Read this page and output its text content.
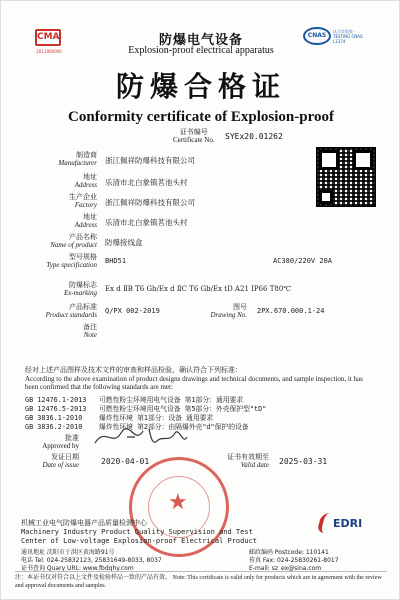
CMA
2011000000
防爆电气设备
Explosion-proof electrical apparatus
CNAS
认可实验室 · TESTING CNAS L1374
防爆合格证
Conformity certificate of Explosion-proof
证书编号
Certificate No. SYEx20.01262
制造商
Manufacturer 浙江佩祥防爆科技有限公司
地址
Address 乐清市北白象镇茗池头村
生产企业
Factory 浙江佩祥防爆科技有限公司
地址
Address 乐清市北白象镇茗池头村
产品名称
Name of product 防爆接线盒
型号规格
Type specification BHD51	AC380/220V 20A
防爆标志
Ex-marking Ex d ⅡB T6 Gb/Ex d ⅡC T6 Gb/Ex tD A21 IP66 T80℃
产品标准
Product standards Q/PX 002-2019	图号
Drawing No. 2PX.670.000.1-24
备注
Note
经对上述产品图样及技术文件的审查和样品检验，确认符合下列标准：
According to the above examination of product designs drawings and technical documents, and sample inspection, it has been confirmed that the following standards are met:
GB 12476.1-2013 可燃性粉尘环境用电气设备 第1部分：通用要求
GB 12476.5-2013 可燃性粉尘环境用电气设备 第5部分：外壳保护型"tD"
GB 3836.1-2010 爆炸性环境 第1部分：设备 通用要求
GB 3836.2-2010 爆炸性环境 第2部分：由隔爆外壳"d"保护的设备
批准
Approved by
发证日期
Date of issue	2020-04-01	证书有效期至
Valid date 2025-03-31
★
机械工业电气防爆电器产品质量检测中心
Machinery Industry Product Quality Supervision and Test
Center of Low-voltage Explosion-proof Electrical Product
EDRI
通讯地址 沈阳市于洪区黄海路91号
电话 Tel. 024-25832123, 25831649-8033, 8037
证书查询 Quary URL: www.fbdqhy.com
邮政编码 Postcode: 110141
传真 Fax: 024-25830261-8017
E-mail: sz_ex@sina.com
注：本证书仅对符合以上文件及检验样品一致的产品有效。 Note: This certificate is valid only for products which are in agreement with the review and approval documents and samples.
